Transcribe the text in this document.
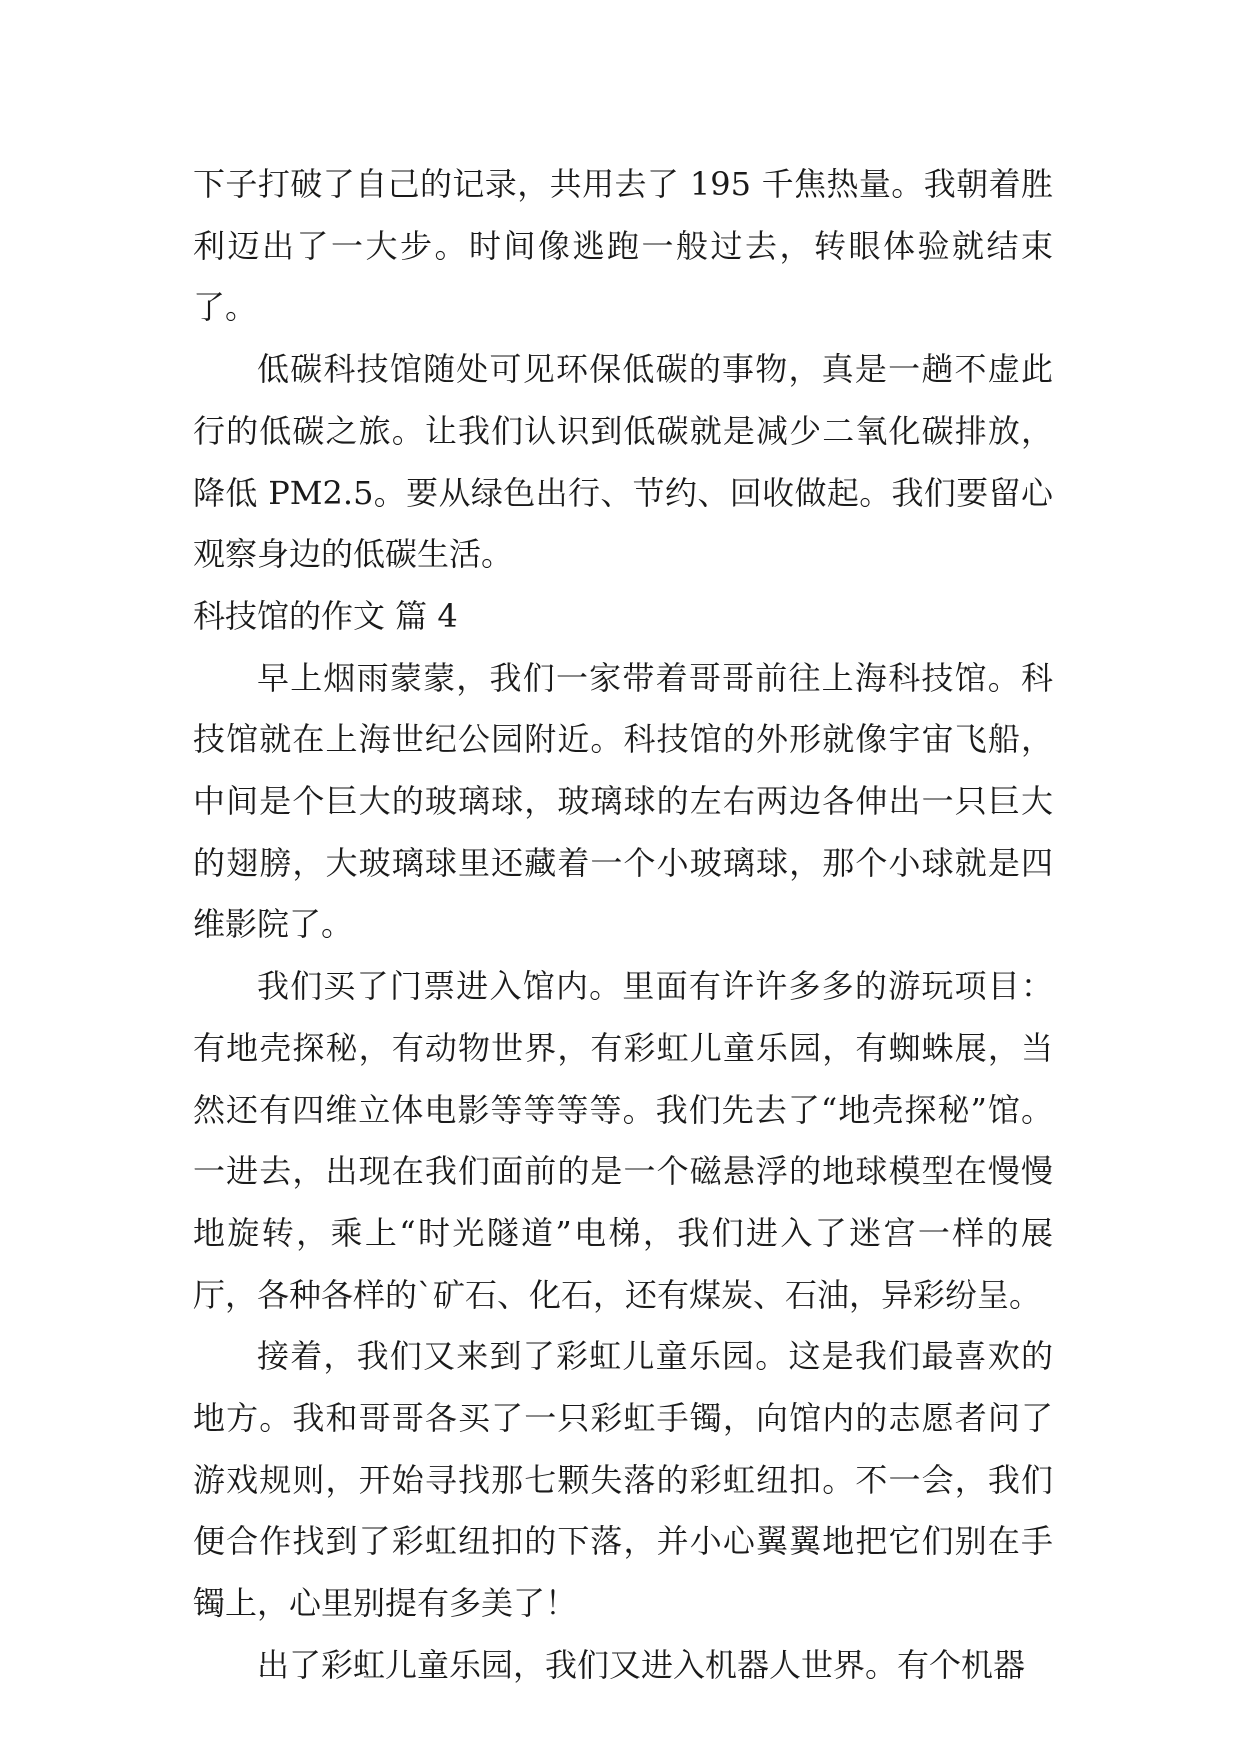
下子打破了自己的记录，共用去了 195 千焦热量。我朝着胜利迈出了一大步。时间像逃跑一般过去，转眼体验就结束了。

低碳科技馆随处可见环保低碳的事物，真是一趟不虚此行的低碳之旅。让我们认识到低碳就是减少二氧化碳排放，降低 PM2.5。要从绿色出行、节约、回收做起。我们要留心观察身边的低碳生活。

科技馆的作文 篇 4

早上烟雨蒙蒙，我们一家带着哥哥前往上海科技馆。科技馆就在上海世纪公园附近。科技馆的外形就像宇宙飞船，中间是个巨大的玻璃球，玻璃球的左右两边各伸出一只巨大的翅膀，大玻璃球里还藏着一个小玻璃球，那个小球就是四维影院了。

我们买了门票进入馆内。里面有许许多多的游玩项目：有地壳探秘，有动物世界，有彩虹儿童乐园，有蜘蛛展，当然还有四维立体电影等等等等。我们先去了“地壳探秘”馆。一进去，出现在我们面前的是一个磁悬浮的地球模型在慢慢地旋转，乘上“时光隧道”电梯，我们进入了迷宫一样的展厅，各种各样的`矿石、化石，还有煤炭、石油，异彩纷呈。

接着，我们又来到了彩虹儿童乐园。这是我们最喜欢的地方。我和哥哥各买了一只彩虹手镯，向馆内的志愿者问了游戏规则，开始寻找那七颗失落的彩虹纽扣。不一会，我们便合作找到了彩虹纽扣的下落，并小心翼翼地把它们别在手镯上，心里别提有多美了！

出了彩虹儿童乐园，我们又进入机器人世界。有个机器
